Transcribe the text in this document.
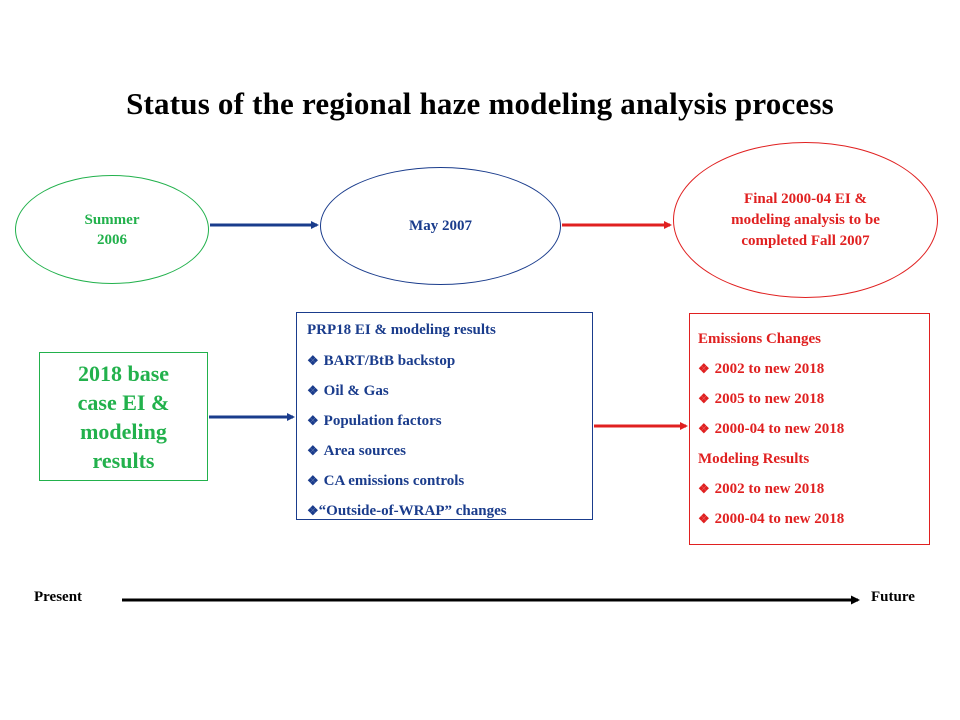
Status of the regional haze modeling analysis process
Summer 2006
May 2007
Final 2000-04 EI & modeling analysis to be completed Fall 2007
2018 base case EI & modeling results
PRP18 EI & modeling results
❖ BART/BtB backstop
❖ Oil & Gas
❖ Population factors
❖ Area sources
❖ CA emissions controls
❖“Outside-of-WRAP” changes
Emissions Changes
❖ 2002 to new 2018
❖ 2005 to new 2018
❖ 2000-04 to new 2018
Modeling Results
❖ 2002 to new 2018
❖ 2000-04 to new 2018
Present	Future
